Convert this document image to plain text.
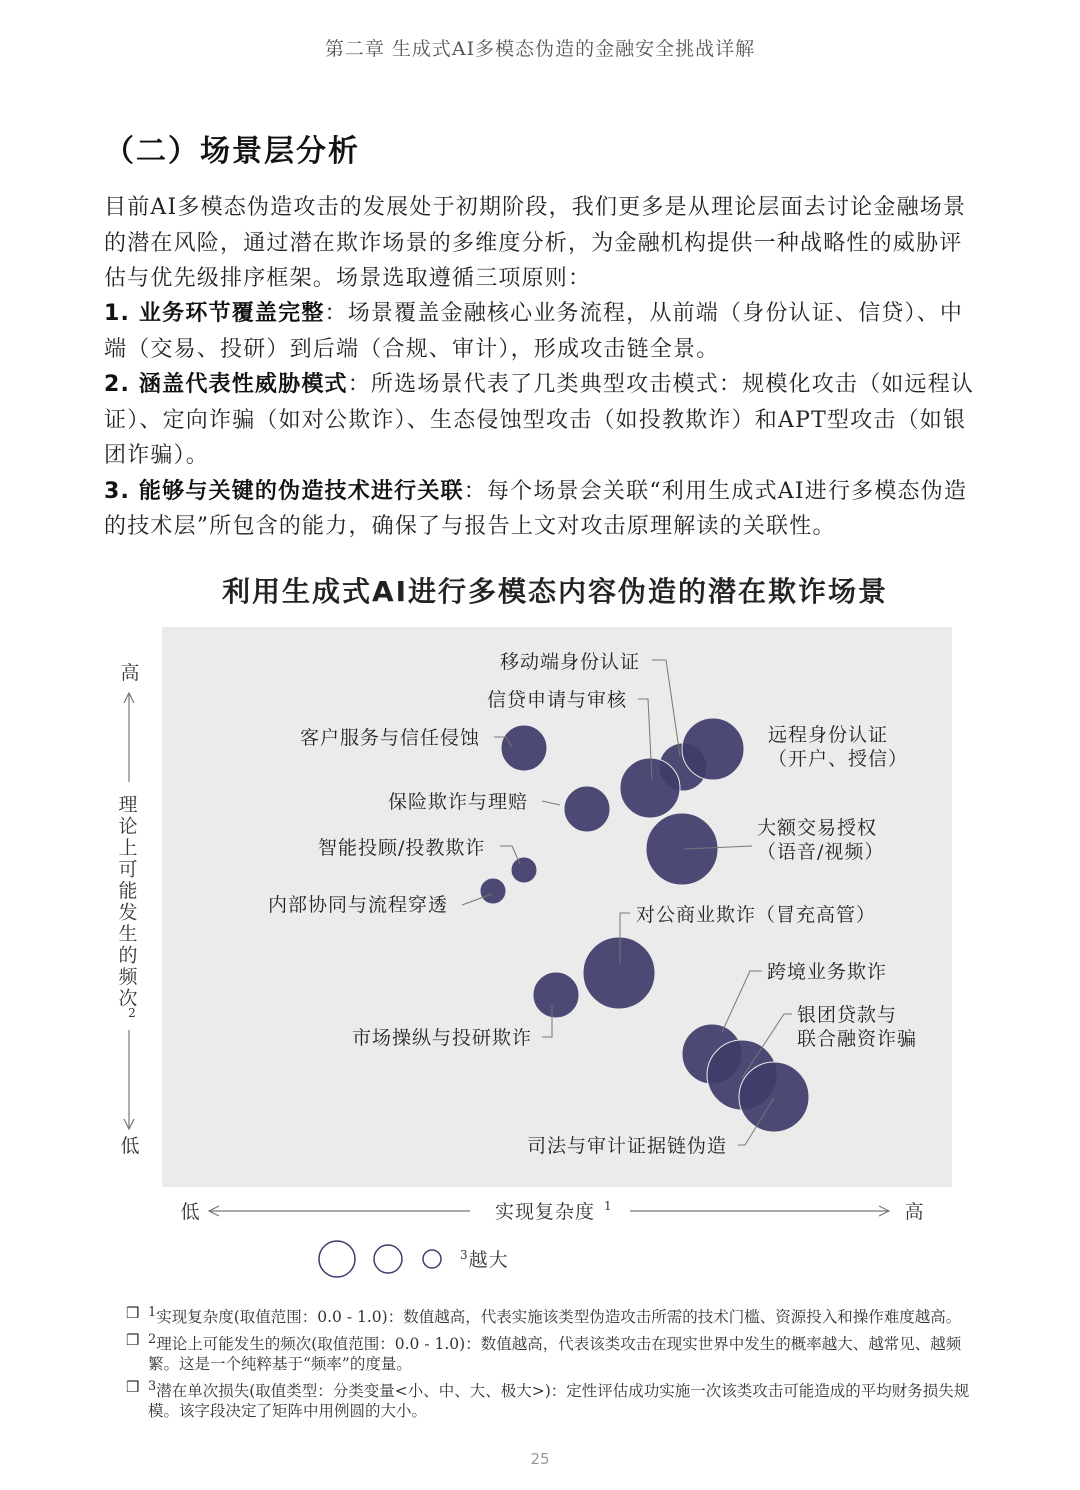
第二章 生成式AI多模态伪造的金融安全挑战详解
（二）场景层分析
目前AI多模态伪造攻击的发展处于初期阶段，我们更多是从理论层面去讨论金融场景的潜在风险，通过潜在欺诈场景的多维度分析，为金融机构提供一种战略性的威胁评估与优先级排序框架。场景选取遵循三项原则：
1. 业务环节覆盖完整：场景覆盖金融核心业务流程，从前端（身份认证、信贷）、中端（交易、投研）到后端（合规、审计），形成攻击链全景。
2. 涵盖代表性威胁模式：所选场景代表了几类典型攻击模式：规模化攻击（如远程认证）、定向诈骗（如对公欺诈）、生态侵蚀型攻击（如投教欺诈）和APT型攻击（如银团诈骗）。
3. 能够与关键的伪造技术进行关联：每个场景会关联“利用生成式AI进行多模态伪造的技术层”所包含的能力，确保了与报告上文对攻击原理解读的关联性。
利用生成式AI进行多模态内容伪造的潜在欺诈场景
移动端身份认证
信贷申请与审核
远程身份认证
（开户、授信）
客户服务与信任侵蚀
保险欺诈与理赔
大额交易授权
（语音/视频）
智能投顾/投教欺诈
内部协同与流程穿透	对公商业欺诈（冒充高管）
市场操纵与投研欺诈
跨境业务欺诈
银团贷款与
联合融资诈骗
司法与审计证据链伪造
高
理
论
上
可
能
发
生
的
频
次
2
低
低	实现复杂度 1	高
$^3$越大
❒ $^1$实现复杂度(取值范围：0.0 - 1.0)：数值越高，代表实施该类型伪造攻击所需的技术门槛、资源投入和操作难度越高。
❒ $^2$理论上可能发生的频次(取值范围：0.0 - 1.0)：数值越高，代表该类攻击在现实世界中发生的概率越大、越常见、越频繁。这是一个纯粹基于“频率”的度量。
❒ $^3$潜在单次损失(取值类型：分类变量<小、中、大、极大>)：定性评估成功实施一次该类攻击可能造成的平均财务损失规模。该字段决定了矩阵中用例圆的大小。
25
